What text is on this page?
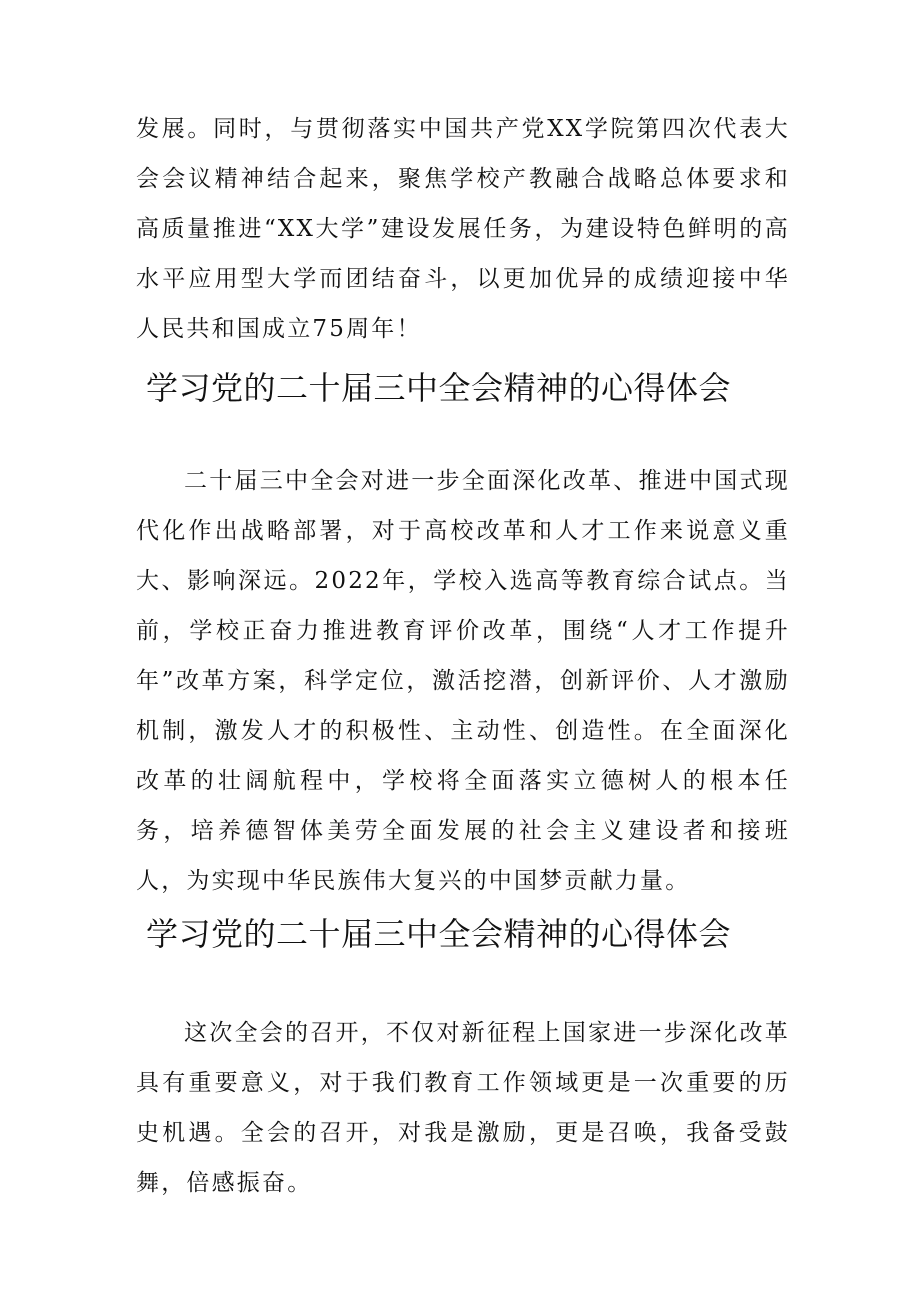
发展。同时，与贯彻落实中国共产党XX学院第四次代表大会会议精神结合起来，聚焦学校产教融合战略总体要求和高质量推进“XX大学”建设发展任务，为建设特色鲜明的高水平应用型大学而团结奋斗，以更加优异的成绩迎接中华人民共和国成立75周年！

学习党的二十届三中全会精神的心得体会

二十届三中全会对进一步全面深化改革、推进中国式现代化作出战略部署，对于高校改革和人才工作来说意义重大、影响深远。2022年，学校入选高等教育综合试点。当前，学校正奋力推进教育评价改革，围绕“人才工作提升年”改革方案，科学定位，激活挖潜，创新评价、人才激励机制，激发人才的积极性、主动性、创造性。在全面深化改革的壮阔航程中，学校将全面落实立德树人的根本任务，培养德智体美劳全面发展的社会主义建设者和接班人，为实现中华民族伟大复兴的中国梦贡献力量。

学习党的二十届三中全会精神的心得体会

这次全会的召开，不仅对新征程上国家进一步深化改革具有重要意义，对于我们教育工作领域更是一次重要的历史机遇。全会的召开，对我是激励，更是召唤，我备受鼓舞，倍感振奋。
